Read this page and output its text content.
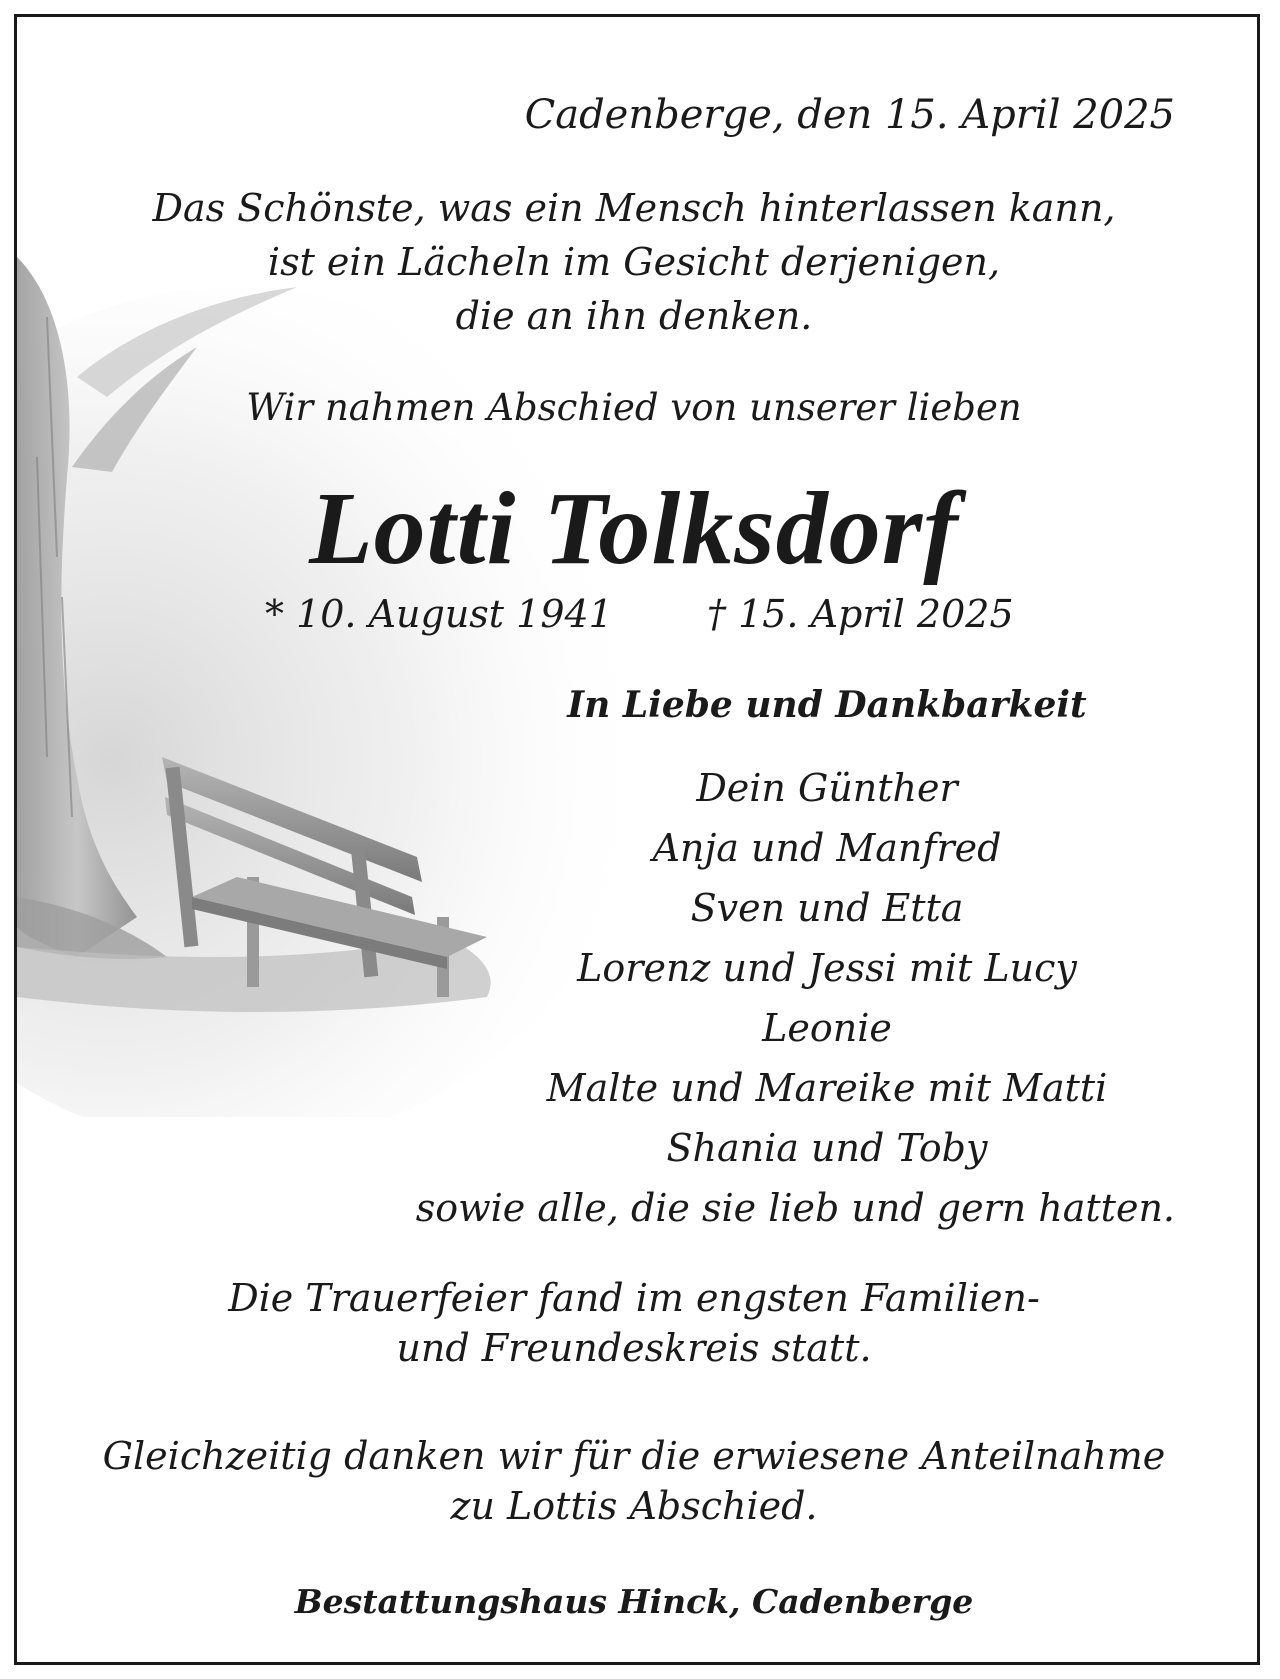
Cadenberge, den 15. April 2025
Das Schönste, was ein Mensch hinterlassen kann,
ist ein Lächeln im Gesicht derjenigen,
die an ihn denken.
Wir nahmen Abschied von unserer lieben
Lotti Tolksdorf
* 10. August 1941 † 15. April 2025
In Liebe und Dankbarkeit
Dein Günther
Anja und Manfred
Sven und Etta
Lorenz und Jessi mit Lucy
Leonie
Malte und Mareike mit Matti
Shania und Toby
sowie alle, die sie lieb und gern hatten.
Die Trauerfeier fand im engsten Familien-
und Freundeskreis statt.
Gleichzeitig danken wir für die erwiesene Anteilnahme
zu Lottis Abschied.
Bestattungshaus Hinck, Cadenberge
